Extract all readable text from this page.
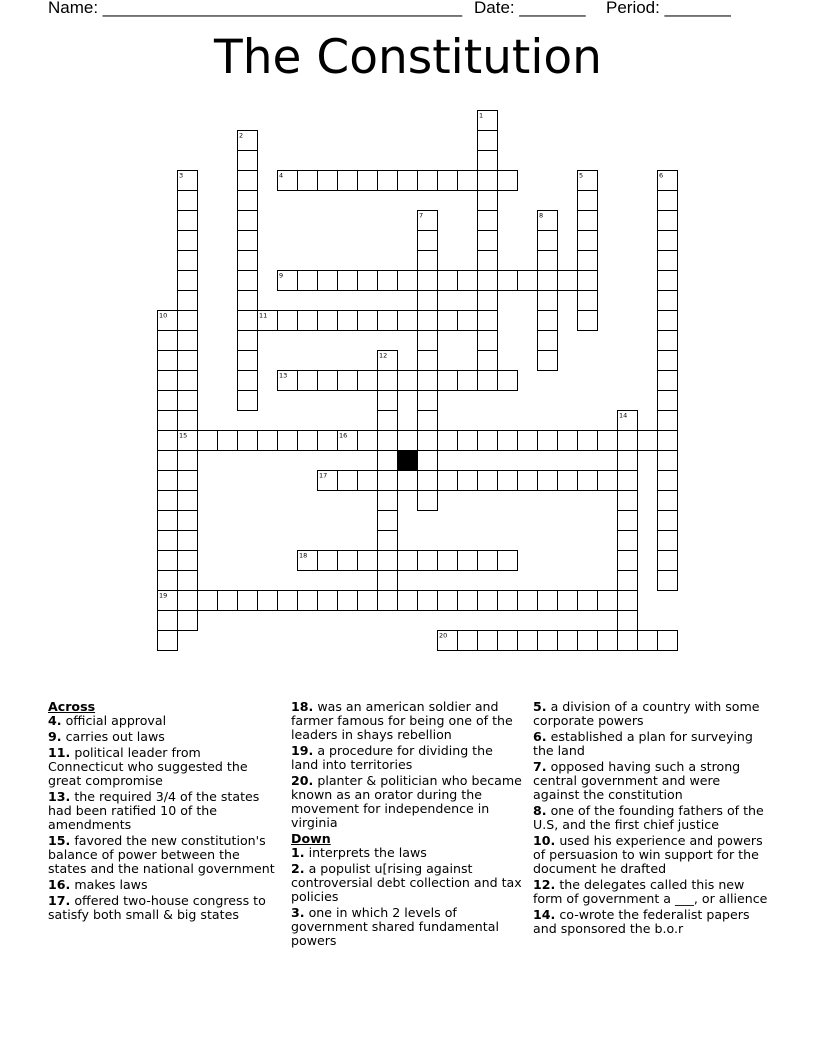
Name: ______________________________________ Date: _______ Period: _______
The Constitution
1
2
3	4	5	6
7	8
9
10	11
12
13
14
15	16
17
18
19
20
Across
4. official approval
9. carries out laws
11. political leader from Connecticut who suggested the great compromise
13. the required 3/4 of the states had been ratified 10 of the amendments
15. favored the new constitution's balance of power between the states and the national government
16. makes laws
17. offered two-house congress to satisfy both small & big states
18. was an american soldier and farmer famous for being one of the leaders in shays rebellion
19. a procedure for dividing the land into territories
20. planter & politician who became known as an orator during the movement for independence in virginia
Down
1. interprets the laws
2. a populist u[rising against controversial debt collection and tax policies
3. one in which 2 levels of government shared fundamental powers
5. a division of a country with some corporate powers
6. established a plan for surveying the land
7. opposed having such a strong central government and were against the constitution
8. one of the founding fathers of the U.S, and the first chief justice
10. used his experience and powers of persuasion to win support for the document he drafted
12. the delegates called this new form of government a ___, or allience
14. co-wrote the federalist papers and sponsored the b.o.r
